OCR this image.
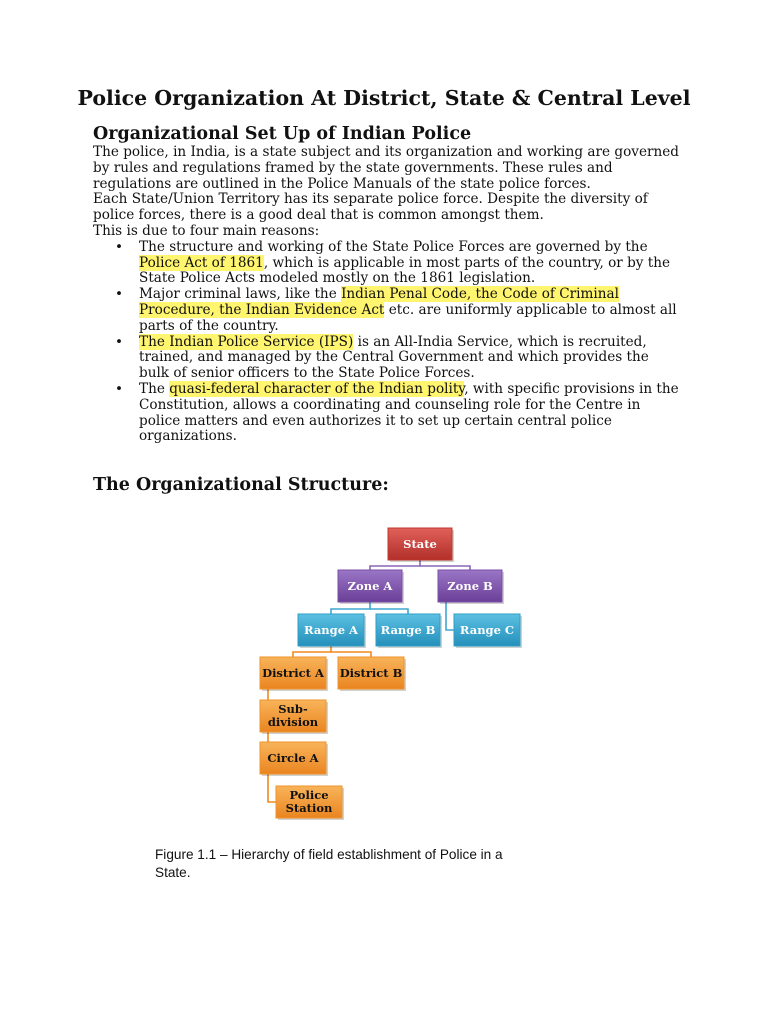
Police Organization At District, State & Central Level
Organizational Set Up of Indian Police

The police, in India, is a state subject and its organization and working are governed by rules and regulations framed by the state governments. These rules and regulations are outlined in the Police Manuals of the state police forces.

Each State/Union Territory has its separate police force. Despite the diversity of police forces, there is a good deal that is common amongst them.

This is due to four main reasons:

• The structure and working of the State Police Forces are governed by the Police Act of 1861, which is applicable in most parts of the country, or by the State Police Acts modeled mostly on the 1861 legislation.
• Major criminal laws, like the Indian Penal Code, the Code of Criminal Procedure, the Indian Evidence Act etc. are uniformly applicable to almost all parts of the country.
• The Indian Police Service (IPS) is an All-India Service, which is recruited, trained, and managed by the Central Government and which provides the bulk of senior officers to the State Police Forces.
• The quasi-federal character of the Indian polity, with specific provisions in the Constitution, allows a coordinating and counseling role for the Centre in police matters and even authorizes it to set up certain central police organizations.
The Organizational Structure:
State
Zone A	Zone B
Range A Range B Range C
District A District B
Sub-division
Circle A
Police Station
Figure 1.1 – Hierarchy of field establishment of Police in a
State.
